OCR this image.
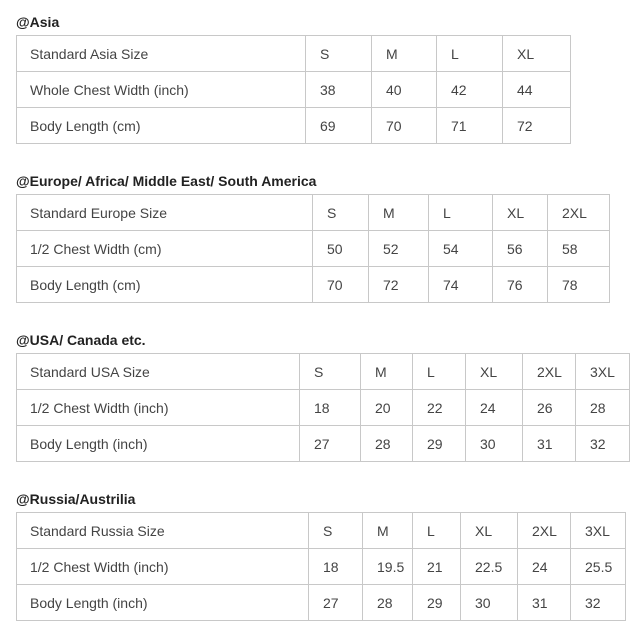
@Asia
Standard Asia Size	S	M	L	XL
Whole Chest Width (inch)	38	40	42	44
Body Length (cm)	69	70	71	72
@Europe/ Africa/ Middle East/ South America
Standard Europe Size	S	M	L	XL	2XL
1/2 Chest Width (cm)	50	52	54	56	58
Body Length (cm)	70	72	74	76	78
@USA/ Canada etc.
Standard USA Size	S	M	L	XL	2XL	3XL
1/2 Chest Width (inch)	18	20	22	24	26	28
Body Length (inch)	27	28	29	30	31	32
@Russia/Austrilia
Standard Russia Size	S	M	L	XL	2XL	3XL
1/2 Chest Width (inch)	18	19.5	21	22.5	24	25.5
Body Length (inch)	27	28	29	30	31	32
